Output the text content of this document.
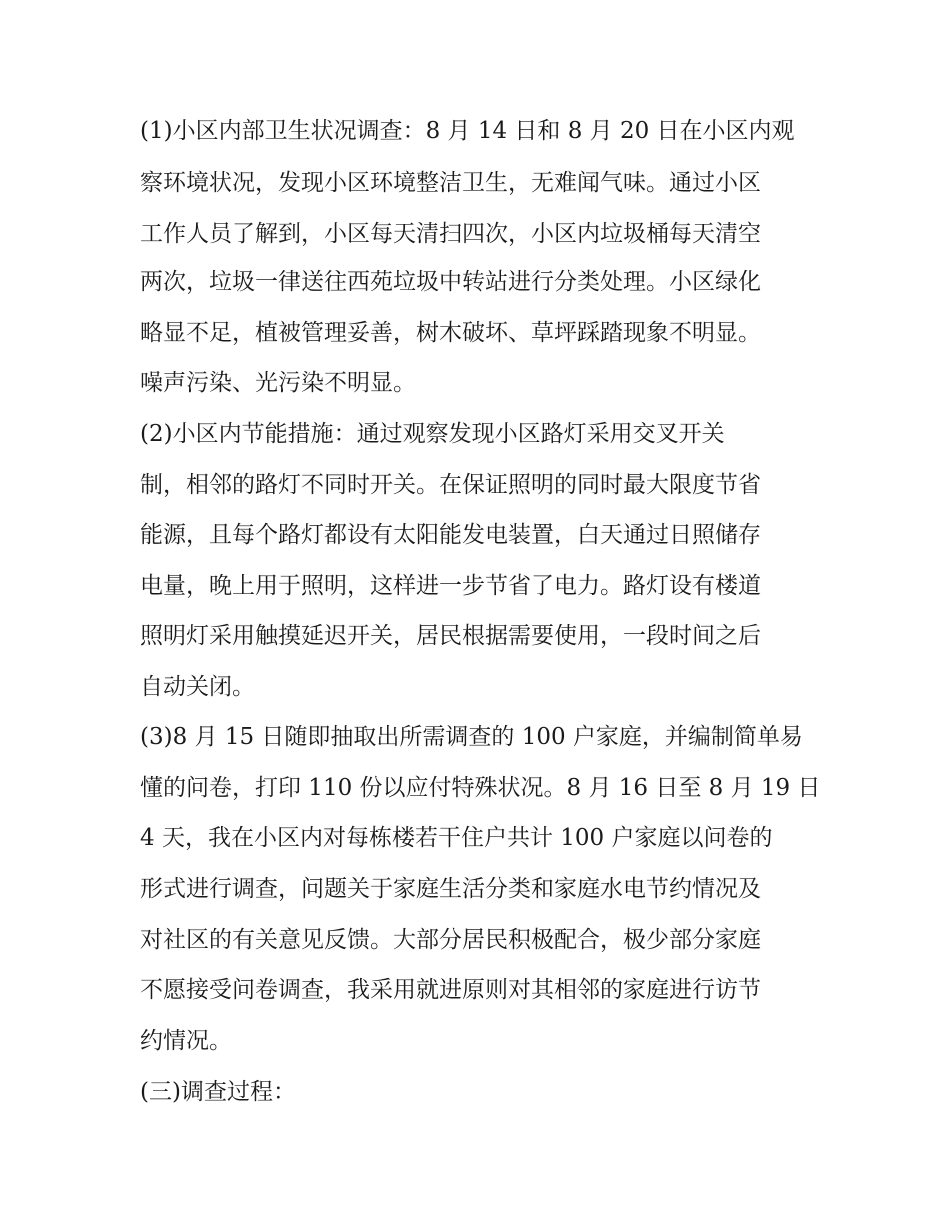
(1)小区内部卫生状况调查：8 月 14 日和 8 月 20 日在小区内观
察环境状况，发现小区环境整洁卫生，无难闻气味。通过小区
工作人员了解到，小区每天清扫四次，小区内垃圾桶每天清空
两次，垃圾一律送往西苑垃圾中转站进行分类处理。小区绿化
略显不足，植被管理妥善，树木破坏、草坪踩踏现象不明显。
噪声污染、光污染不明显。
(2)小区内节能措施：通过观察发现小区路灯采用交叉开关
制，相邻的路灯不同时开关。在保证照明的同时最大限度节省
能源，且每个路灯都设有太阳能发电装置，白天通过日照储存
电量，晚上用于照明，这样进一步节省了电力。路灯设有楼道
照明灯采用触摸延迟开关，居民根据需要使用，一段时间之后
自动关闭。
(3)8 月 15 日随即抽取出所需调查的 100 户家庭，并编制简单易
懂的问卷，打印 110 份以应付特殊状况。8 月 16 日至 8 月 19 日
4 天，我在小区内对每栋楼若干住户共计 100 户家庭以问卷的
形式进行调查，问题关于家庭生活分类和家庭水电节约情况及
对社区的有关意见反馈。大部分居民积极配合，极少部分家庭
不愿接受问卷调查，我采用就进原则对其相邻的家庭进行访节
约情况。
(三)调查过程：
